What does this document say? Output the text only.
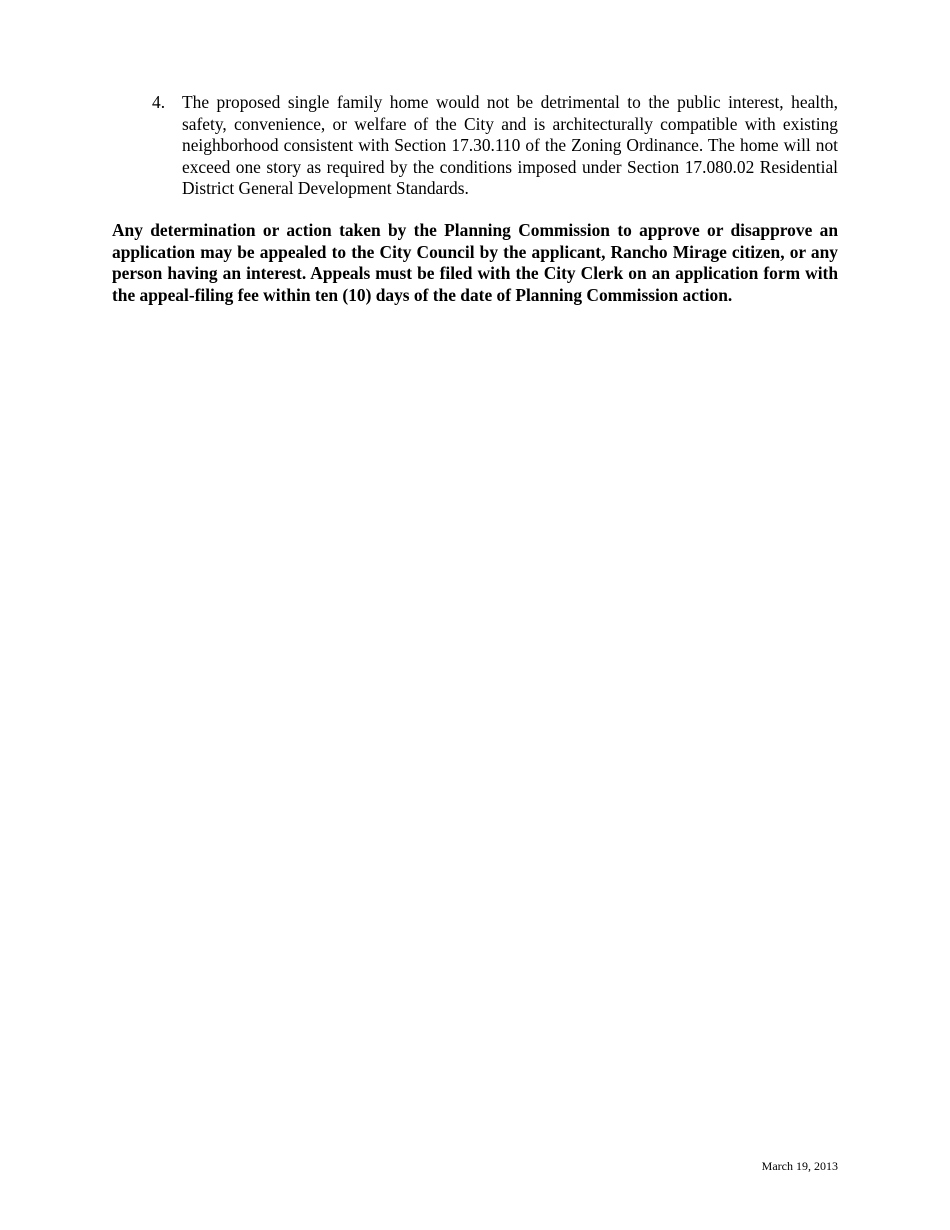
4. The proposed single family home would not be detrimental to the public interest, health, safety, convenience, or welfare of the City and is architecturally compatible with existing neighborhood consistent with Section 17.30.110 of the Zoning Ordinance. The home will not exceed one story as required by the conditions imposed under Section 17.080.02 Residential District General Development Standards.

Any determination or action taken by the Planning Commission to approve or disapprove an application may be appealed to the City Council by the applicant, Rancho Mirage citizen, or any person having an interest. Appeals must be filed with the City Clerk on an application form with the appeal-filing fee within ten (10) days of the date of Planning Commission action.

March 19, 2013
